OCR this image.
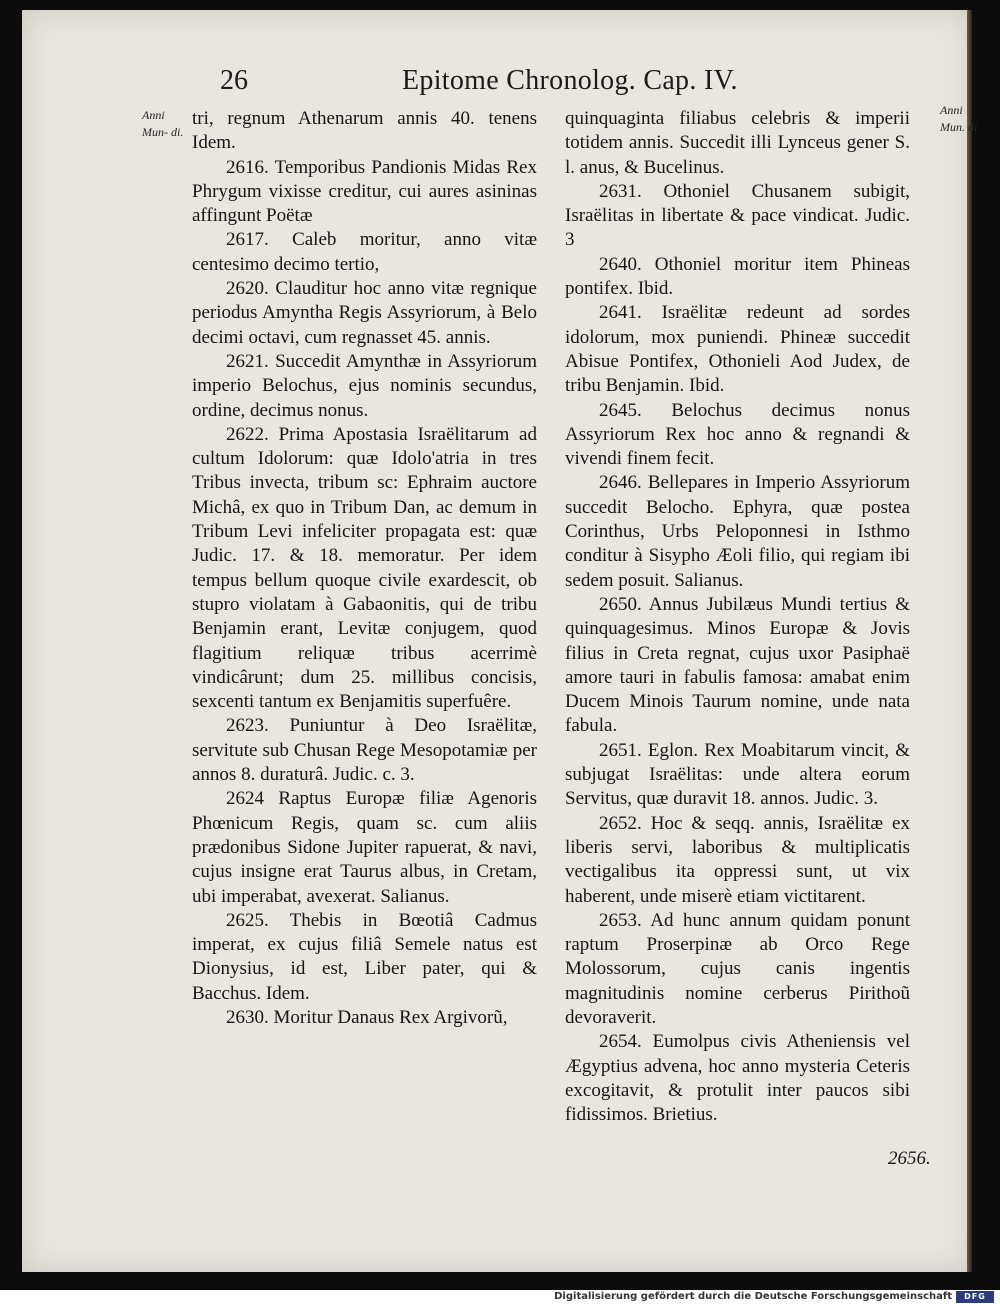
26	Epitome Chronolog. Cap. IV.
Anni Mun- di.
Anni Mun. di.

tri, regnum Athenarum annis 40. tenens Idem.

2616. Temporibus Pandionis Midas Rex Phrygum vixisse creditur, cui aures asininas affingunt Poëtæ

2617. Caleb moritur, anno vitæ centesimo decimo tertio,

2620. Clauditur hoc anno vitæ regnique periodus Amyntha Regis Assyriorum, à Belo decimi octavi, cum regnasset 45. annis.

2621. Succedit Amynthæ in Assyriorum imperio Belochus, ejus nominis secundus, ordine, decimus nonus.

2622. Prima Apostasia Israëlitarum ad cultum Idolorum: quæ Idolo'atria in tres Tribus invecta, tribum sc: Ephraim auctore Michâ, ex quo in Tribum Dan, ac demum in Tribum Levi infeliciter propagata est: quæ Judic. 17. & 18. memoratur. Per idem tempus bellum quoque civile exardescit, ob stupro violatam à Gabaonitis, qui de tribu Benjamin erant, Levitæ conjugem, quod flagitium reliquæ tribus acerrimè vindicârunt; dum 25. millibus concisis, sexcenti tantum ex Benjamitis superfuêre.

2623. Puniuntur à Deo Israëlitæ, servitute sub Chusan Rege Mesopotamiæ per annos 8. duraturâ. Judic. c. 3.

2624 Raptus Europæ filiæ Agenoris Phœnicum Regis, quam sc. cum aliis prædonibus Sidone Jupiter rapuerat, & navi, cujus insigne erat Taurus albus, in Cretam, ubi imperabat, avexerat. Salianus.

2625. Thebis in Bœotiâ Cadmus imperat, ex cujus filiâ Semele natus est Dionysius, id est, Liber pater, qui & Bacchus. Idem.

2630. Moritur Danaus Rex Argivorũ,

quinquaginta filiabus celebris & imperii totidem annis. Succedit illi Lynceus gener S. l. anus, & Bucelinus.

2631. Othoniel Chusanem subigit, Israëlitas in libertate & pace vindicat. Judic. 3

2640. Othoniel moritur item Phineas pontifex. Ibid.

2641. Israëlitæ redeunt ad sordes idolorum, mox puniendi. Phineæ succedit Abisue Pontifex, Othonieli Aod Judex, de tribu Benjamin. Ibid.

2645. Belochus decimus nonus Assyriorum Rex hoc anno & regnandi & vivendi finem fecit.

2646. Bellepares in Imperio Assyriorum succedit Belocho. Ephyra, quæ postea Corinthus, Urbs Peloponnesi in Isthmo conditur à Sisypho Æoli filio, qui regiam ibi sedem posuit. Salianus.

2650. Annus Jubilæus Mundi tertius & quinquagesimus. Minos Europæ & Jovis filius in Creta regnat, cujus uxor Pasiphaë amore tauri in fabulis famosa: amabat enim Ducem Minois Taurum nomine, unde nata fabula.

2651. Eglon. Rex Moabitarum vincit, & subjugat Israëlitas: unde altera eorum Servitus, quæ duravit 18. annos. Judic. 3.

2652. Hoc & seqq. annis, Israëlitæ ex liberis servi, laboribus & multiplicatis vectigalibus ita oppressi sunt, ut vix haberent, unde miserè etiam victitarent.

2653. Ad hunc annum quidam ponunt raptum Proserpinæ ab Orco Rege Molossorum, cujus canis ingentis magnitudinis nomine cerberus Pirithoũ devoraverit.

2654. Eumolpus civis Atheniensis vel Ægyptius advena, hoc anno mysteria Ceteris excogitavit, & protulit inter paucos sibi fidissimos. Brietius.

2656.
Digitalisierung gefördert durch die Deutsche Forschungsgemeinschaft	DFG
